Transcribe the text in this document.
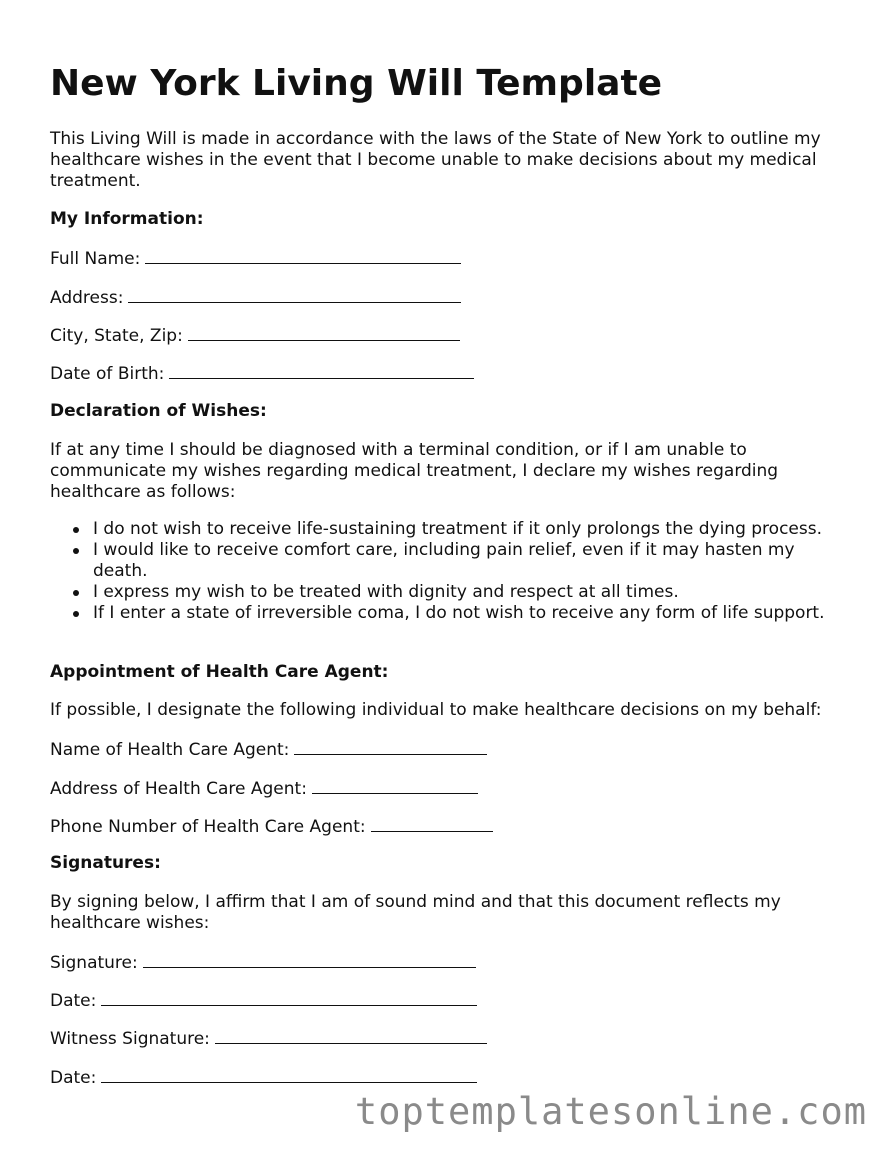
New York Living Will Template

This Living Will is made in accordance with the laws of the State of New York to outline my healthcare wishes in the event that I become unable to make decisions about my medical treatment.

My Information:
Full Name:
Address:
City, State, Zip:
Date of Birth:
Declaration of Wishes:

If at any time I should be diagnosed with a terminal condition, or if I am unable to communicate my wishes regarding medical treatment, I declare my wishes regarding healthcare as follows:

I do not wish to receive life-sustaining treatment if it only prolongs the dying process.
I would like to receive comfort care, including pain relief, even if it may hasten my death.
I express my wish to be treated with dignity and respect at all times.
If I enter a state of irreversible coma, I do not wish to receive any form of life support.
Appointment of Health Care Agent:

If possible, I designate the following individual to make healthcare decisions on my behalf:

Name of Health Care Agent:
Address of Health Care Agent:
Phone Number of Health Care Agent:
Signatures:

By signing below, I affirm that I am of sound mind and that this document reflects my healthcare wishes:

Signature:
Date:
Witness Signature:
Date:
toptemplatesonline.com
